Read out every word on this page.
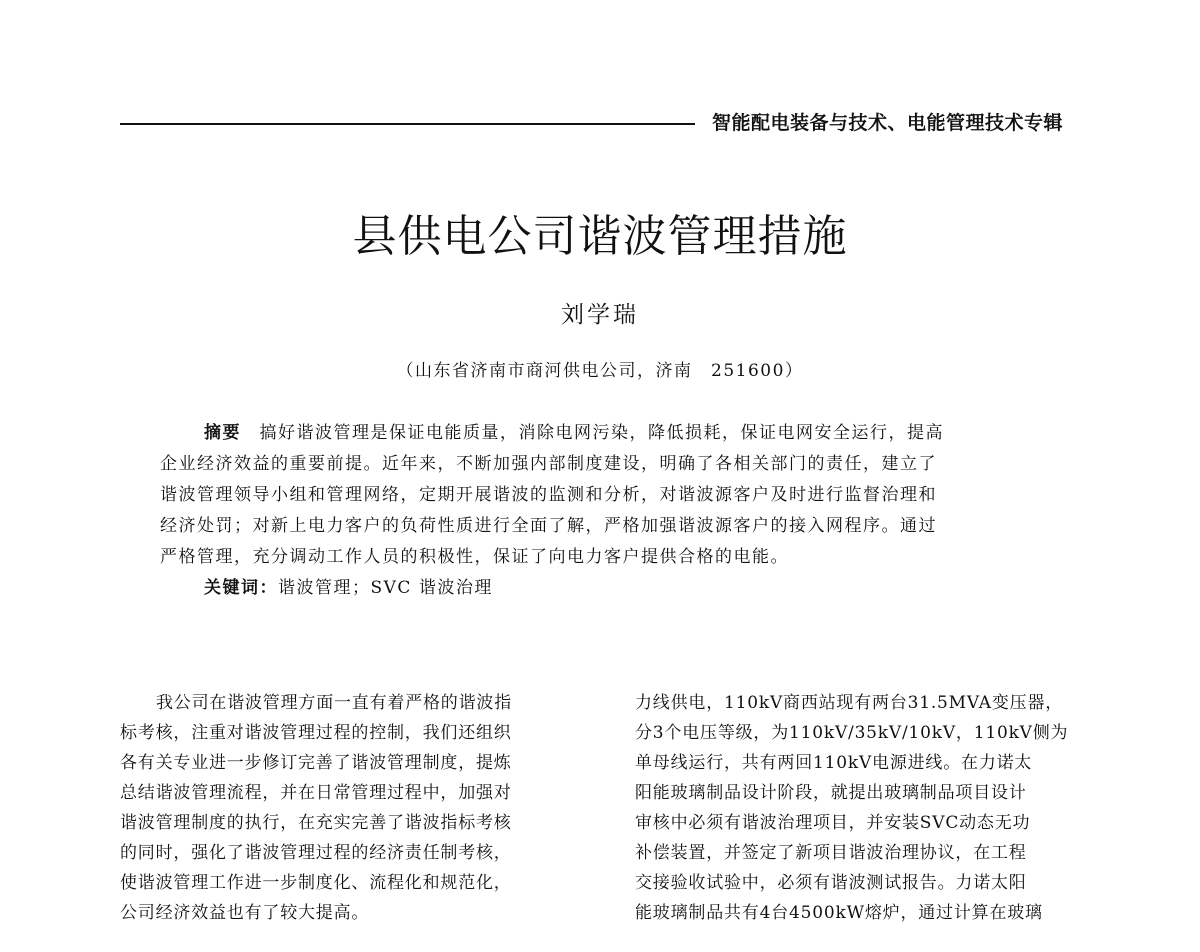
智能配电装备与技术、电能管理技术专辑
县供电公司谐波管理措施
刘学瑞
（山东省济南市商河供电公司，济南　251600）
摘要　 搞好谐波管理是保证电能质量，消除电网污染，降低损耗，保证电网安全运行，提高
企业经济效益的重要前提。近年来，不断加强内部制度建设，明确了各相关部门的责任，建立了
谐波管理领导小组和管理网络，定期开展谐波的监测和分析，对谐波源客户及时进行监督治理和
经济处罚；对新上电力客户的负荷性质进行全面了解，严格加强谐波源客户的接入网程序。通过
严格管理，充分调动工作人员的积极性，保证了向电力客户提供合格的电能。
关键词：谐波管理；SVC 谐波治理
我公司在谐波管理方面一直有着严格的谐波指
标考核，注重对谐波管理过程的控制，我们还组织
各有关专业进一步修订完善了谐波管理制度，提炼
总结谐波管理流程，并在日常管理过程中，加强对
谐波管理制度的执行，在充实完善了谐波指标考核
的同时，强化了谐波管理过程的经济责任制考核，
使谐波管理工作进一步制度化、流程化和规范化，
公司经济效益也有了较大提高。
力线供电，110kV商西站现有两台31.5MVA变压器，
分3个电压等级，为110kV/35kV/10kV，110kV侧为
单母线运行，共有两回110kV电源进线。在力诺太
阳能玻璃制品设计阶段，就提出玻璃制品项目设计
审核中必须有谐波治理项目，并安装SVC动态无功
补偿装置，并签定了新项目谐波治理协议，在工程
交接验收试验中，必须有谐波测试报告。力诺太阳
能玻璃制品共有4台4500kW熔炉，通过计算在玻璃
